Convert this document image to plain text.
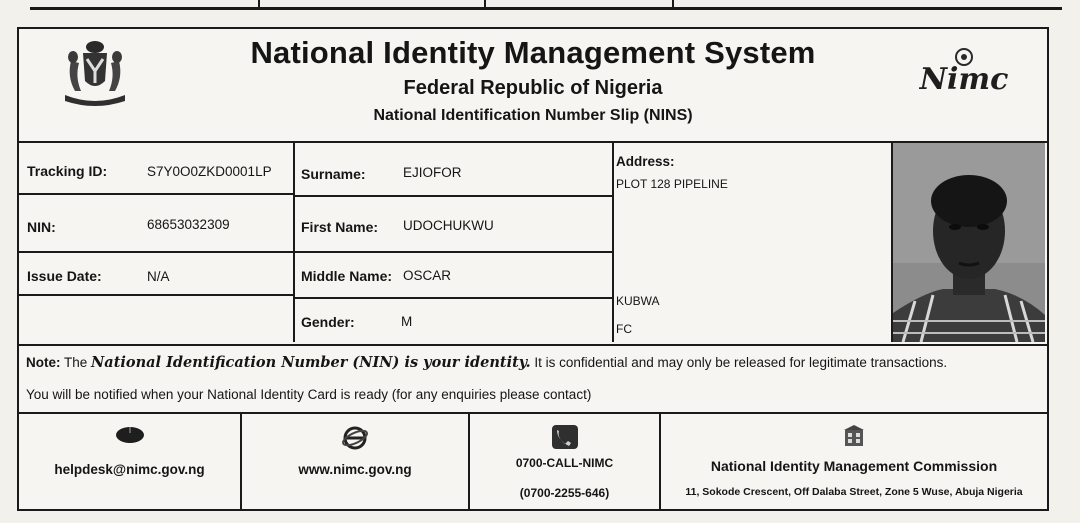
National Identity Management System
Federal Republic of Nigeria
National Identification Number Slip (NINS)
Nimc
Tracking ID:	S7Y0O0ZKD0001LP
NIN:	68653032309
Issue Date:	N/A
Surname:	EJIOFOR
First Name: UDOCHUKWU
Middle Name: OSCAR
Gender:	M
Address:
PLOT 128 PIPELINE
KUBWA
FC
Note: The National Identification Number (NIN) is your identity. It is confidential and may only be released for legitimate transactions.
You will be notified when your National Identity Card is ready (for any enquiries please contact)
helpdesk@nimc.gov.ng	www.nimc.gov.ng	0700-CALL-NIMC
(0700-2255-646)
National Identity Management Commission
11, Sokode Crescent, Off Dalaba Street, Zone 5 Wuse, Abuja Nigeria
